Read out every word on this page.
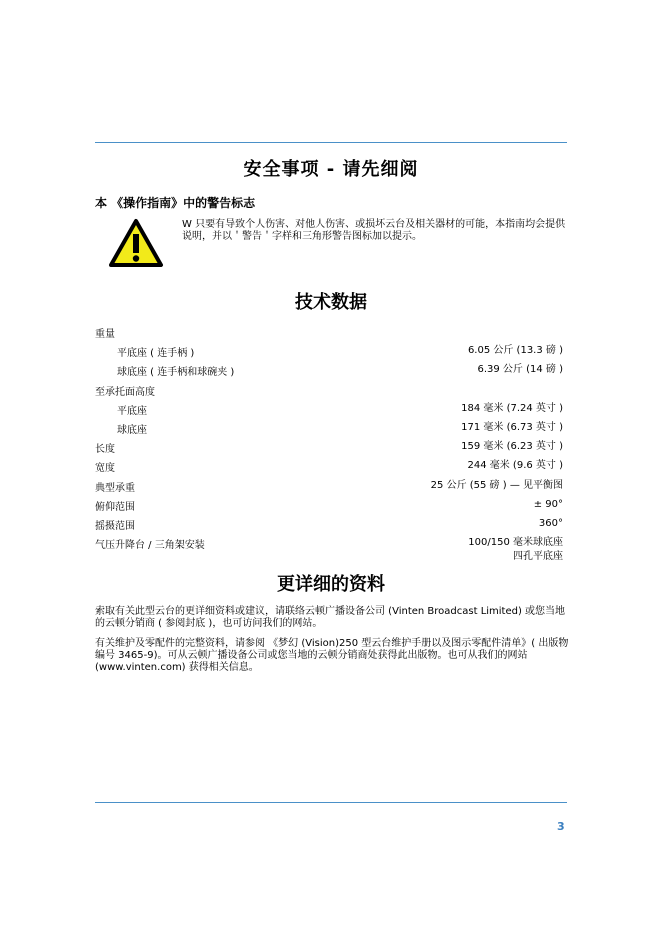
安全事项 - 请先细阅
本 《操作指南》中的警告标志
W 只要有导致个人伤害、对他人伤害、或损坏云台及相关器材的可能，本指南均会提供说明，并以＇警告＇字样和三角形警告图标加以提示。
技术数据
重量
平底座 ( 连手柄 )	6.05 公斤 (13.3 磅 )
球底座 ( 连手柄和球碗夹 )	6.39 公斤 (14 磅 )
至承托面高度
平底座	184 毫米 (7.24 英寸 )
球底座	171 毫米 (6.73 英寸 )
长度	159 毫米 (6.23 英寸 )
宽度	244 毫米 (9.6 英寸 )
典型承重	25 公斤 (55 磅 ) — 见平衡图
俯仰范围	± 90°
摇摄范围	360°
气压升降台 / 三角架安装	100/150 毫米球底座
四孔平底座
更详细的资料
索取有关此型云台的更详细资料或建议，请联络云顿广播设备公司 (Vinten Broadcast Limited) 或您当地的云顿分销商 ( 参阅封底 )，也可访问我们的网站。
有关维护及零配件的完整资料，请参阅 《梦幻 (Vision)250 型云台维护手册以及图示零配件清单》( 出版物编号 3465-9)。可从云顿广播设备公司或您当地的云顿分销商处获得此出版物。也可从我们的网站 (www.vinten.com) 获得相关信息。
3
